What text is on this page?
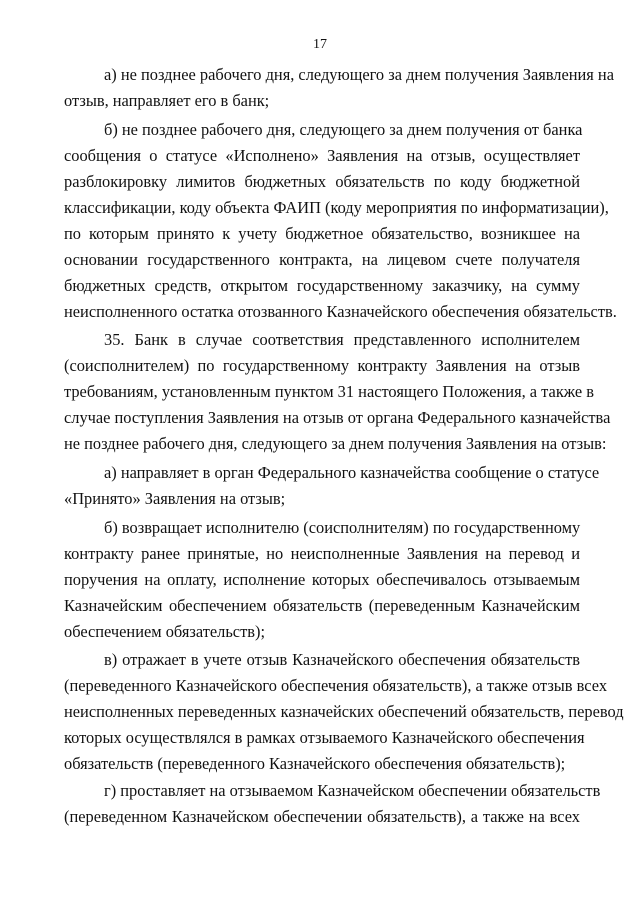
17
а) не позднее рабочего дня, следующего за днем получения Заявления на
отзыв, направляет его в банк;
б) не позднее рабочего дня, следующего за днем получения от банка
сообщения о статусе «Исполнено» Заявления на отзыв, осуществляет
разблокировку лимитов бюджетных обязательств по коду бюджетной
классификации, коду объекта ФАИП (коду мероприятия по информатизации),
по которым принято к учету бюджетное обязательство, возникшее на
основании государственного контракта, на лицевом счете получателя
бюджетных средств, открытом государственному заказчику, на сумму
неисполненного остатка отозванного Казначейского обеспечения обязательств.
35. Банк в случае соответствия представленного исполнителем
(соисполнителем) по государственному контракту Заявления на отзыв
требованиям, установленным пунктом 31 настоящего Положения, а также в
случае поступления Заявления на отзыв от органа Федерального казначейства
не позднее рабочего дня, следующего за днем получения Заявления на отзыв:
а) направляет в орган Федерального казначейства сообщение о статусе
«Принято» Заявления на отзыв;
б) возвращает исполнителю (соисполнителям) по государственному
контракту ранее принятые, но неисполненные Заявления на перевод и
поручения на оплату, исполнение которых обеспечивалось отзываемым
Казначейским обеспечением обязательств (переведенным Казначейским
обеспечением обязательств);
в) отражает в учете отзыв Казначейского обеспечения обязательств
(переведенного Казначейского обеспечения обязательств), а также отзыв всех
неисполненных переведенных казначейских обеспечений обязательств, перевод
которых осуществлялся в рамках отзываемого Казначейского обеспечения
обязательств (переведенного Казначейского обеспечения обязательств);
г) проставляет на отзываемом Казначейском обеспечении обязательств
(переведенном Казначейском обеспечении обязательств), а также на всех
